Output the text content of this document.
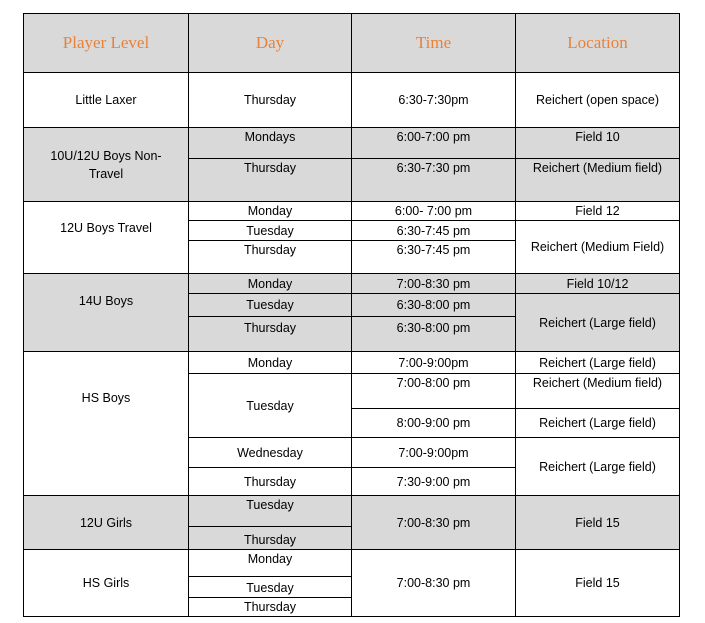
Player Level	Day	Time	Location
Little Laxer	Thursday	6:30-7:30pm	Reichert (open space)
10U/12U Boys Non-Travel	Mondays	6:00-7:00 pm	Field 10
	Thursday	6:30-7:30 pm	Reichert (Medium field)
12U Boys Travel	Monday	6:00- 7:00 pm	Field 12
	Tuesday	6:30-7:45 pm	Reichert (Medium Field)
	Thursday	6:30-7:45 pm	
14U Boys	Monday	7:00-8:30 pm	Field 10/12
	Tuesday	6:30-8:00 pm	Reichert (Large field)
	Thursday	6:30-8:00 pm	
HS Boys	Monday	7:00-9:00pm	Reichert (Large field)
	Tuesday	7:00-8:00 pm	Reichert (Medium field)
		8:00-9:00 pm	Reichert (Large field)
	Wednesday	7:00-9:00pm	Reichert (Large field)
	Thursday	7:30-9:00 pm	
12U Girls	Tuesday	7:00-8:30 pm	Field 15
	Thursday		
HS Girls	Monday	7:00-8:30 pm	Field 15
	Tuesday		
	Thursday		
